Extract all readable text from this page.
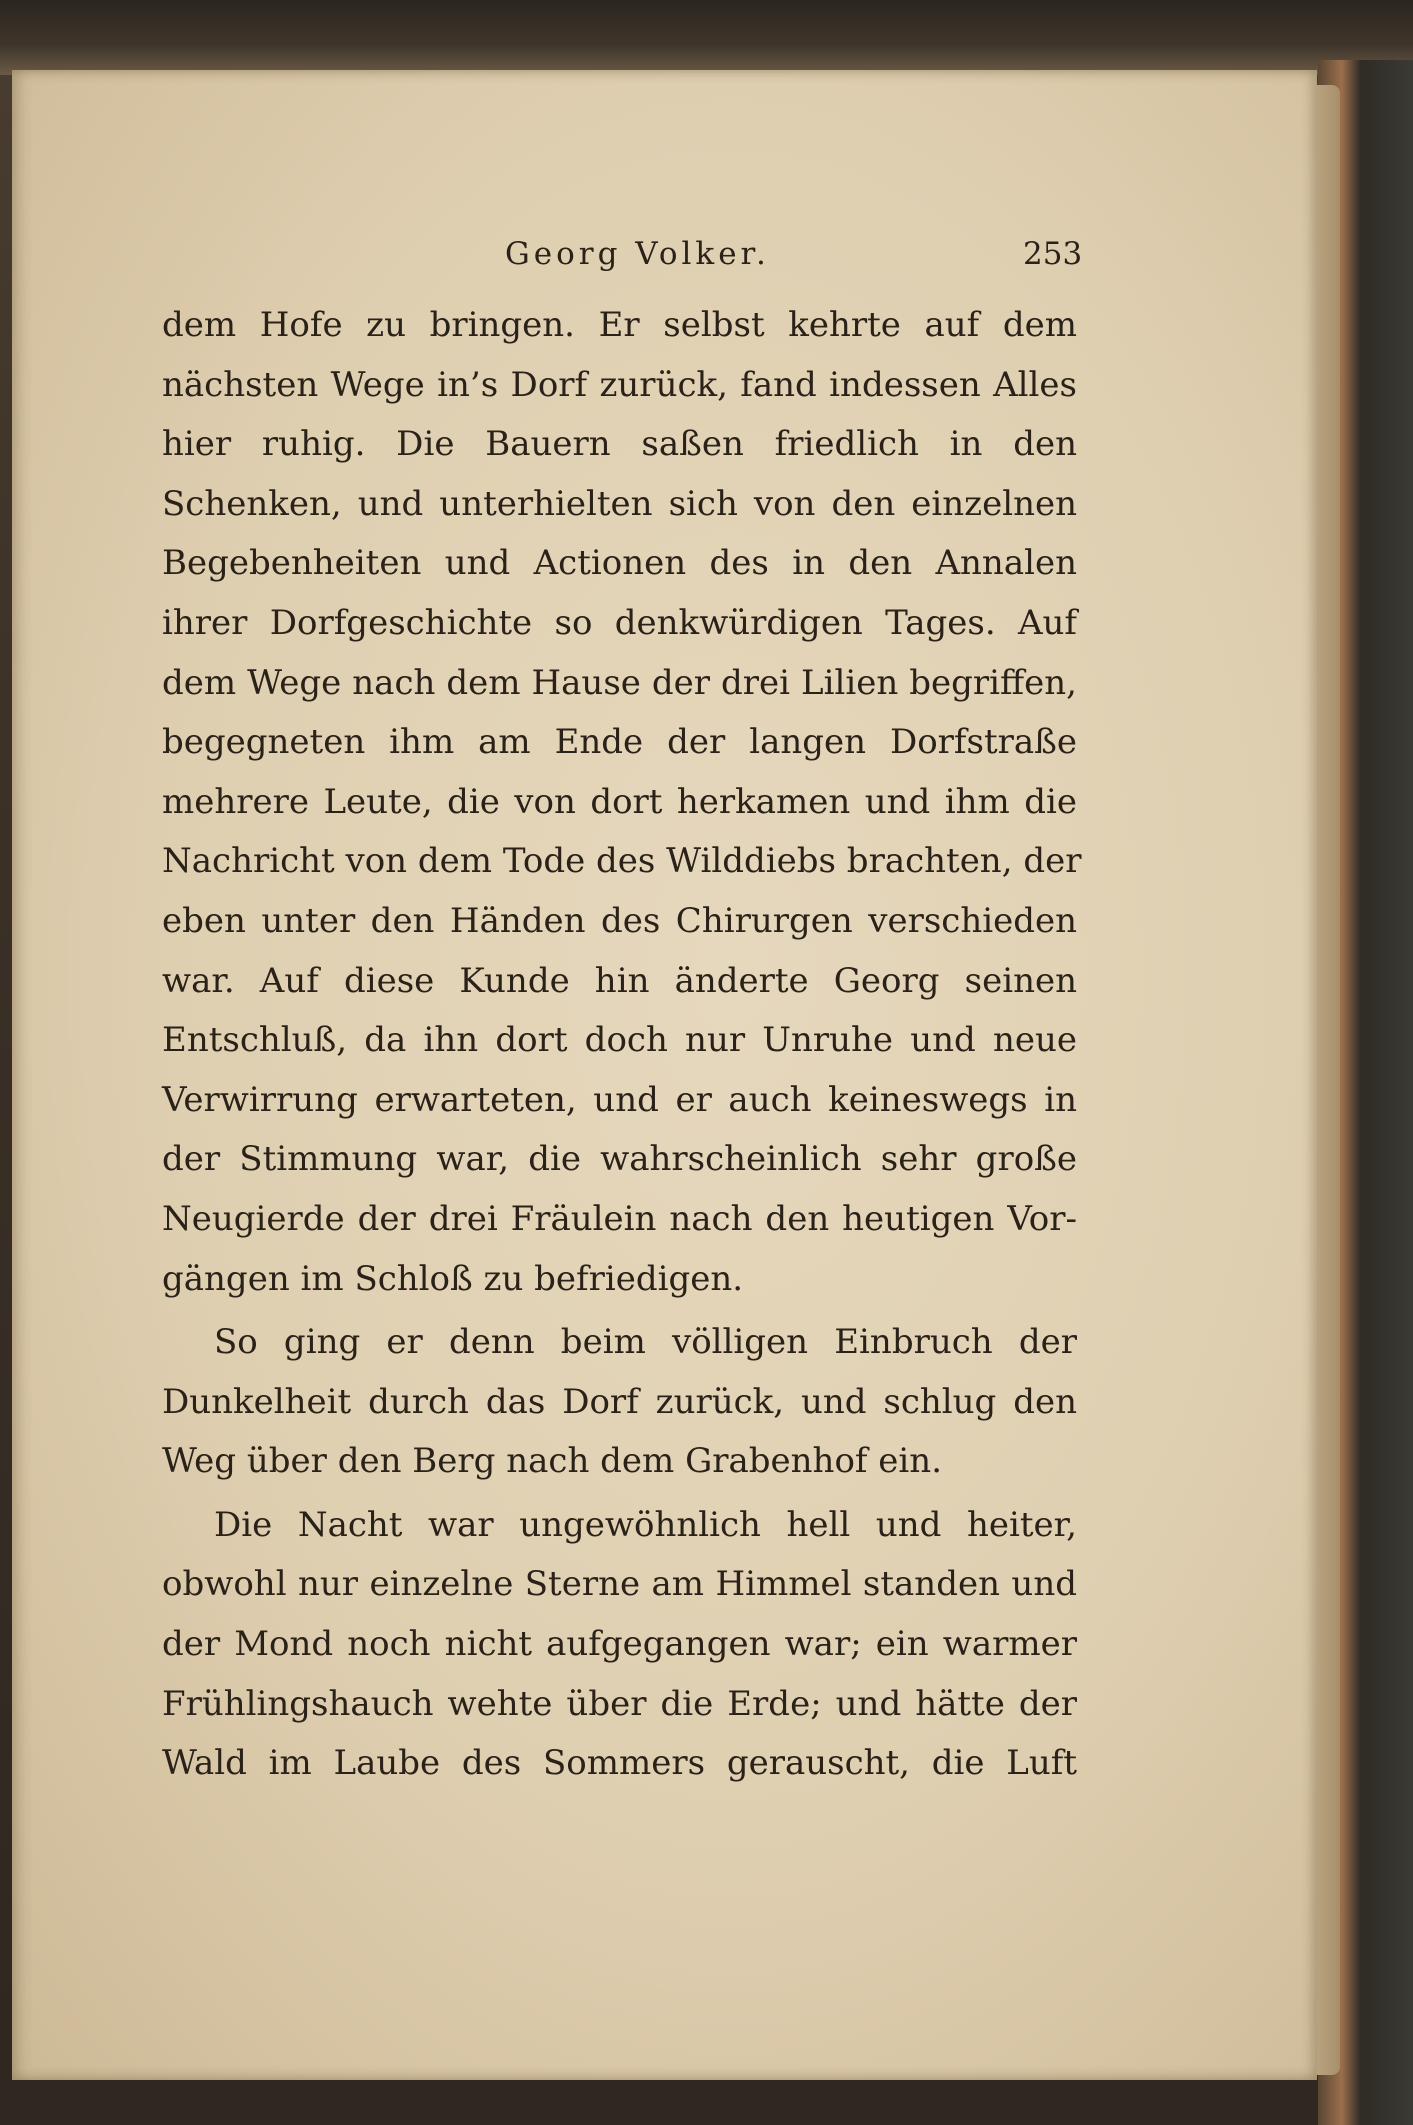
Georg Volker.	253
dem Hofe zu bringen. Er selbst kehrte auf dem
nächsten Wege in’s Dorf zurück, fand indessen Alles
hier ruhig. Die Bauern saßen friedlich in den
Schenken, und unterhielten sich von den einzelnen
Begebenheiten und Actionen des in den Annalen
ihrer Dorfgeschichte so denkwürdigen Tages. Auf
dem Wege nach dem Hause der drei Lilien begriffen,
begegneten ihm am Ende der langen Dorfstraße
mehrere Leute, die von dort herkamen und ihm die
Nachricht von dem Tode des Wilddiebs brachten, der
eben unter den Händen des Chirurgen verschieden
war. Auf diese Kunde hin änderte Georg seinen
Entschluß, da ihn dort doch nur Unruhe und neue
Verwirrung erwarteten, und er auch keineswegs in
der Stimmung war, die wahrscheinlich sehr große
Neugierde der drei Fräulein nach den heutigen Vor-
gängen im Schloß zu befriedigen.
So ging er denn beim völligen Einbruch der
Dunkelheit durch das Dorf zurück, und schlug den
Weg über den Berg nach dem Grabenhof ein.
Die Nacht war ungewöhnlich hell und heiter,
obwohl nur einzelne Sterne am Himmel standen und
der Mond noch nicht aufgegangen war; ein warmer
Frühlingshauch wehte über die Erde; und hätte der
Wald im Laube des Sommers gerauscht, die Luft
